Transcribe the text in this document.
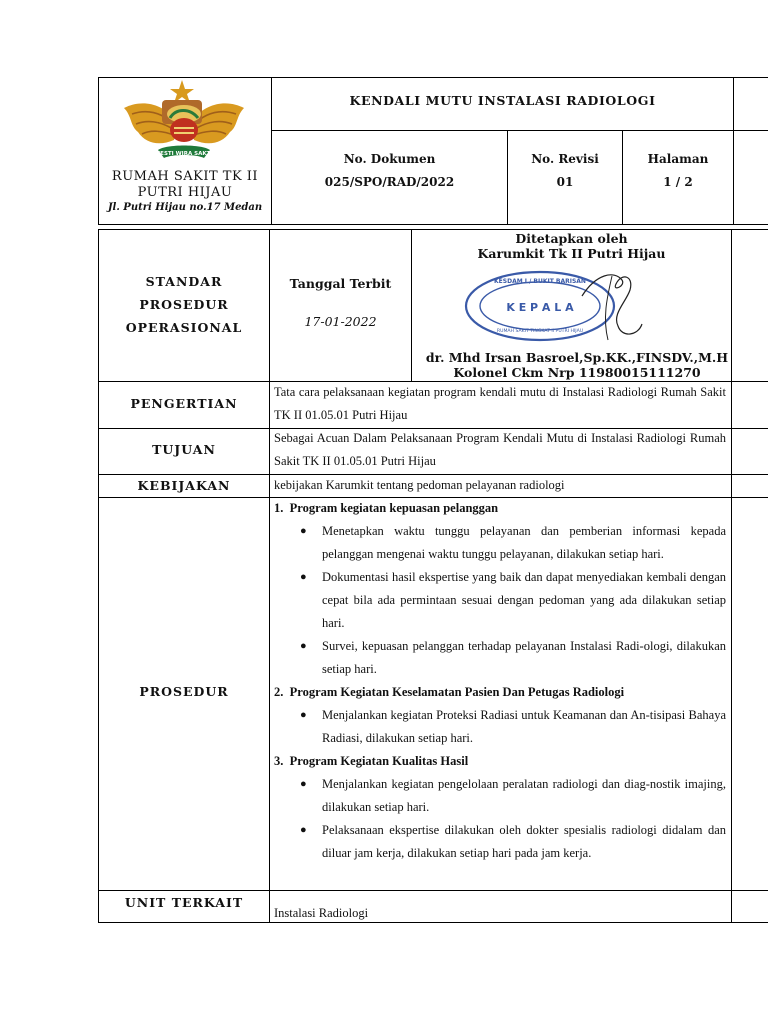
HESTI WIRA SAKTI
RUMAH SAKIT TK II
PUTRI HIJAU
Jl. Putri Hijau no.17 Medan
KENDALI MUTU INSTALASI RADIOLOGI
No. Dokumen
025/SPO/RAD/2022
No. Revisi
01
Halaman
1 / 2
STANDAR
PROSEDUR
OPERASIONAL
Tanggal Terbit
17-01-2022
Ditetapkan oleh
Karumkit Tk II Putri Hijau
KESDAM I / BUKIT BARISAN
K E P A L A
RUMAH SAKIT TINGKAT II PUTRI HIJAU
dr. Mhd Irsan Basroel,Sp.KK.,FINSDV.,M.H
Kolonel Ckm Nrp 11980015111270
PENGERTIAN
Tata cara pelaksanaan kegiatan program kendali mutu di Instalasi Radiologi Rumah Sakit TK II 01.05.01 Putri Hijau
TUJUAN
Sebagai Acuan Dalam Pelaksanaan Program Kendali Mutu di Instalasi Radiologi Rumah Sakit TK II 01.05.01 Putri Hijau
KEBIJAKAN	kebijakan Karumkit tentang pedoman pelayanan radiologi
PROSEDUR
1. Program kegiatan kepuasan pelanggan
● Menetapkan waktu tunggu pelayanan dan pemberian informasi kepada pelanggan mengenai waktu tunggu pelayanan, dilakukan setiap hari.
● Dokumentasi hasil ekspertise yang baik dan dapat menyediakan kembali dengan cepat bila ada permintaan sesuai dengan pedoman yang ada dilakukan setiap hari.
● Survei, kepuasan pelanggan terhadap pelayanan Instalasi Radi-ologi, dilakukan setiap hari.
2. Program Kegiatan Keselamatan Pasien Dan Petugas Radiologi
● Menjalankan kegiatan Proteksi Radiasi untuk Keamanan dan An-tisipasi Bahaya Radiasi, dilakukan setiap hari.
3. Program Kegiatan Kualitas Hasil
● Menjalankan kegiatan pengelolaan peralatan radiologi dan diag-nostik imajing, dilakukan setiap hari.
● Pelaksanaan ekspertise dilakukan oleh dokter spesialis radiologi didalam dan diluar jam kerja, dilakukan setiap hari pada jam kerja.
UNIT TERKAIT
Instalasi Radiologi
